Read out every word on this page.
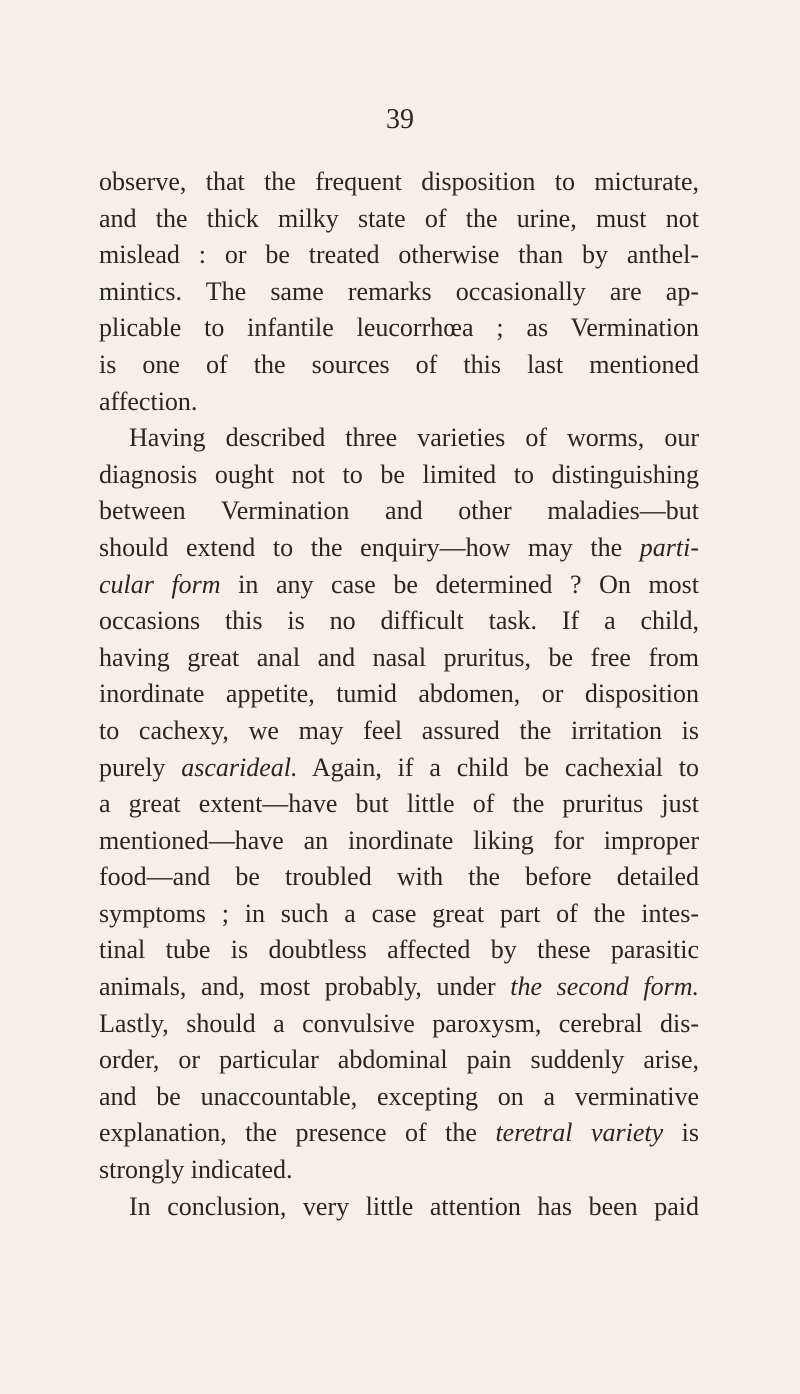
39
observe, that the frequent disposition to micturate,
and the thick milky state of the urine, must not
mislead : or be treated otherwise than by anthel-
mintics. The same remarks occasionally are ap-
plicable to infantile leucorrhœa ; as Vermination
is one of the sources of this last mentioned
affection.
Having described three varieties of worms, our
diagnosis ought not to be limited to distinguishing
between Vermination and other maladies—but
should extend to the enquiry—how may the parti-
cular form in any case be determined ? On most
occasions this is no difficult task. If a child,
having great anal and nasal pruritus, be free from
inordinate appetite, tumid abdomen, or disposition
to cachexy, we may feel assured the irritation is
purely ascarideal. Again, if a child be cachexial to
a great extent—have but little of the pruritus just
mentioned—have an inordinate liking for improper
food—and be troubled with the before detailed
symptoms ; in such a case great part of the intes-
tinal tube is doubtless affected by these parasitic
animals, and, most probably, under the second form.
Lastly, should a convulsive paroxysm, cerebral dis-
order, or particular abdominal pain suddenly arise,
and be unaccountable, excepting on a verminative
explanation, the presence of the teretral variety is
strongly indicated.
In conclusion, very little attention has been paid
